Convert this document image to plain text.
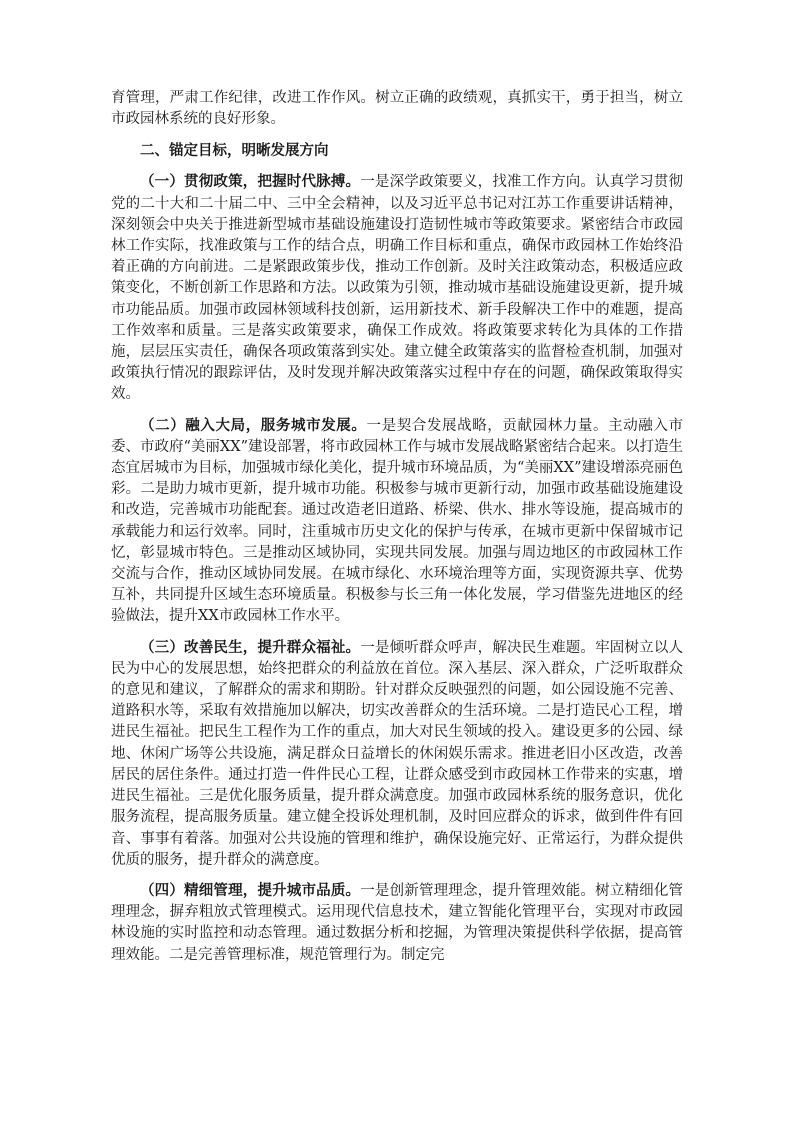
育管理，严肃工作纪律，改进工作作风。树立正确的政绩观，真抓实干，勇于担当，树立市政园林系统的良好形象。

二、锚定目标，明晰发展方向

（一）贯彻政策，把握时代脉搏。一是深学政策要义，找准工作方向。认真学习贯彻党的二十大和二十届二中、三中全会精神，以及习近平总书记对江苏工作重要讲话精神，深刻领会中央关于推进新型城市基础设施建设打造韧性城市等政策要求。紧密结合市政园林工作实际，找准政策与工作的结合点，明确工作目标和重点，确保市政园林工作始终沿着正确的方向前进。二是紧跟政策步伐，推动工作创新。及时关注政策动态，积极适应政策变化，不断创新工作思路和方法。以政策为引领，推动城市基础设施建设更新，提升城市功能品质。加强市政园林领域科技创新，运用新技术、新手段解决工作中的难题，提高工作效率和质量。三是落实政策要求，确保工作成效。将政策要求转化为具体的工作措施，层层压实责任，确保各项政策落到实处。建立健全政策落实的监督检查机制，加强对政策执行情况的跟踪评估，及时发现并解决政策落实过程中存在的问题，确保政策取得实效。

（二）融入大局，服务城市发展。一是契合发展战略，贡献园林力量。主动融入市委、市政府“美丽XX”建设部署，将市政园林工作与城市发展战略紧密结合起来。以打造生态宜居城市为目标，加强城市绿化美化，提升城市环境品质，为“美丽XX”建设增添亮丽色彩。二是助力城市更新，提升城市功能。积极参与城市更新行动，加强市政基础设施建设和改造，完善城市功能配套。通过改造老旧道路、桥梁、供水、排水等设施，提高城市的承载能力和运行效率。同时，注重城市历史文化的保护与传承，在城市更新中保留城市记忆，彰显城市特色。三是推动区域协同，实现共同发展。加强与周边地区的市政园林工作交流与合作，推动区域协同发展。在城市绿化、水环境治理等方面，实现资源共享、优势互补，共同提升区域生态环境质量。积极参与长三角一体化发展，学习借鉴先进地区的经验做法，提升XX市政园林工作水平。

（三）改善民生，提升群众福祉。一是倾听群众呼声，解决民生难题。牢固树立以人民为中心的发展思想，始终把群众的利益放在首位。深入基层、深入群众，广泛听取群众的意见和建议，了解群众的需求和期盼。针对群众反映强烈的问题，如公园设施不完善、道路积水等，采取有效措施加以解决，切实改善群众的生活环境。二是打造民心工程，增进民生福祉。把民生工程作为工作的重点，加大对民生领域的投入。建设更多的公园、绿地、休闲广场等公共设施，满足群众日益增长的休闲娱乐需求。推进老旧小区改造，改善居民的居住条件。通过打造一件件民心工程，让群众感受到市政园林工作带来的实惠，增进民生福祉。三是优化服务质量，提升群众满意度。加强市政园林系统的服务意识，优化服务流程，提高服务质量。建立健全投诉处理机制，及时回应群众的诉求，做到件件有回音、事事有着落。加强对公共设施的管理和维护，确保设施完好、正常运行，为群众提供优质的服务，提升群众的满意度。

（四）精细管理，提升城市品质。一是创新管理理念，提升管理效能。树立精细化管理理念，摒弃粗放式管理模式。运用现代信息技术，建立智能化管理平台，实现对市政园林设施的实时监控和动态管理。通过数据分析和挖掘，为管理决策提供科学依据，提高管理效能。二是完善管理标准，规范管理行为。制定完
